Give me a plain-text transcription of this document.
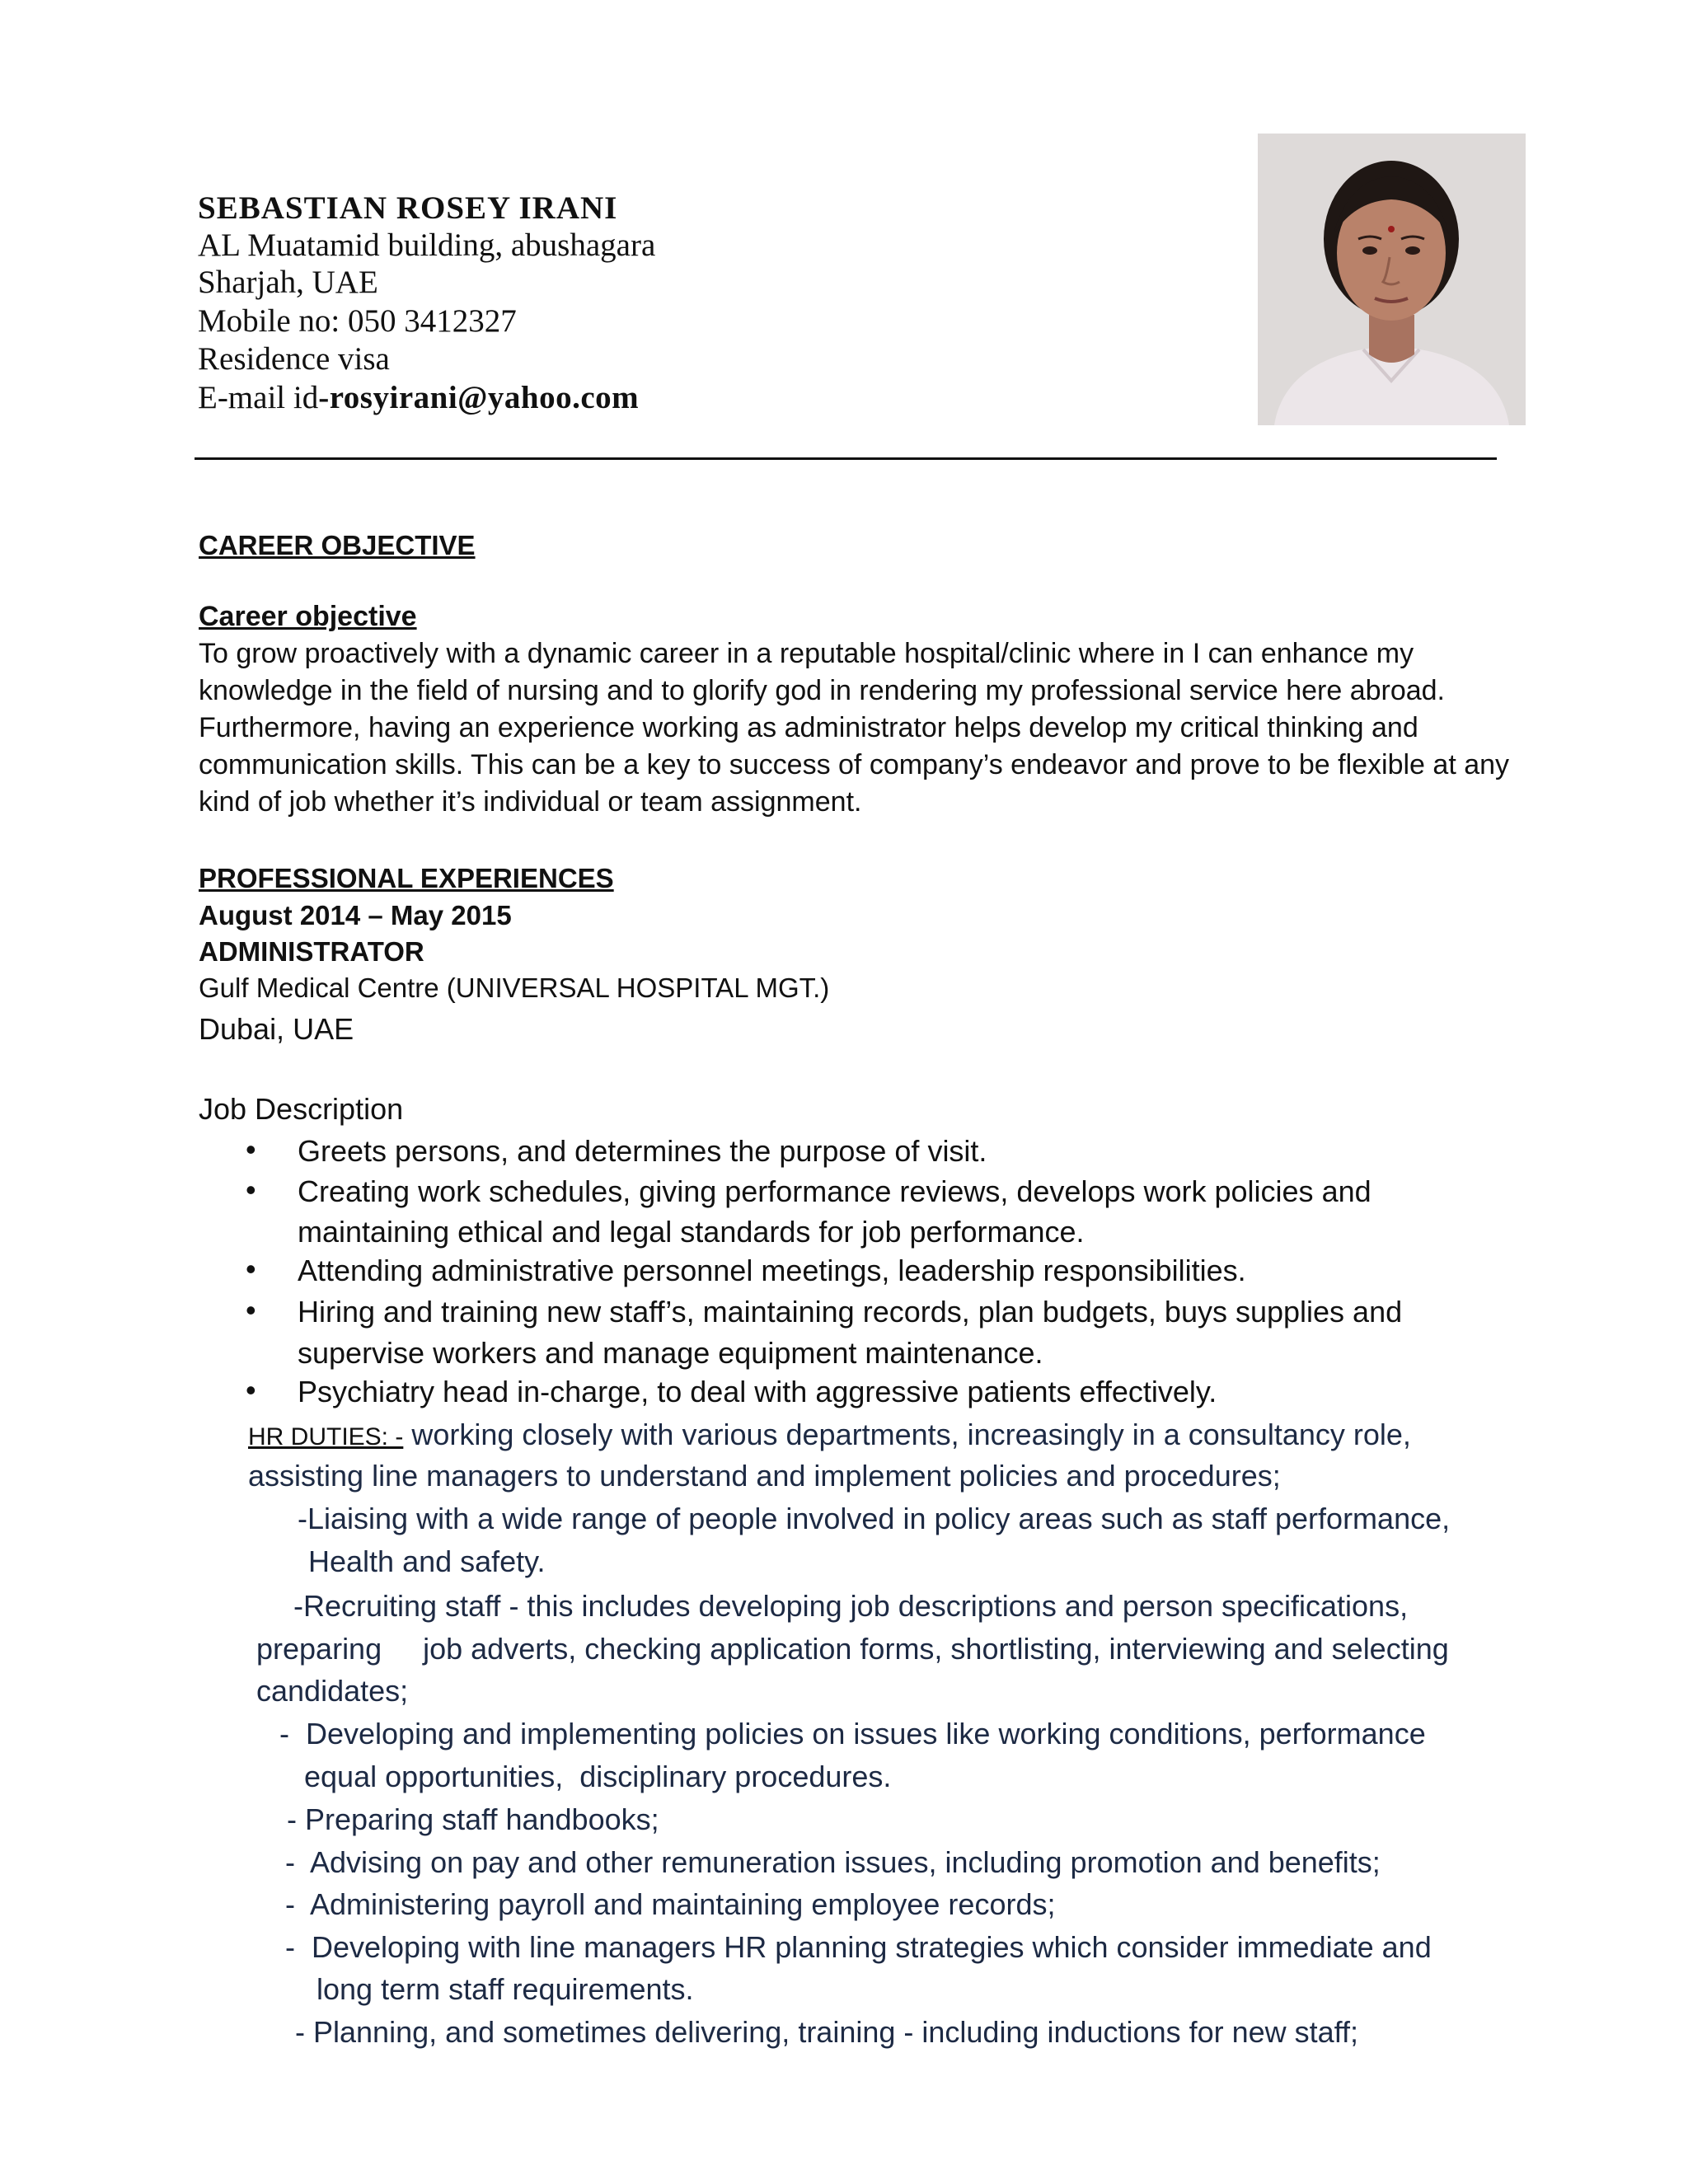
SEBASTIAN ROSEY IRANI
AL Muatamid building, abushagara
Sharjah, UAE
Mobile no: 050 3412327
Residence visa
E-mail id-rosyirani@yahoo.com
CAREER OBJECTIVE
Career objective
To grow proactively with a dynamic career in a reputable hospital/clinic where in I can enhance my
knowledge in the field of nursing and to glorify god in rendering my professional service here abroad.
Furthermore, having an experience working as administrator helps develop my critical thinking and
communication skills. This can be a key to success of company’s endeavor and prove to be flexible at any
kind of job whether it’s individual or team assignment.
PROFESSIONAL EXPERIENCES
August 2014 – May 2015
ADMINISTRATOR
Gulf Medical Centre (UNIVERSAL HOSPITAL MGT.)
Dubai, UAE
Job Description
• Greets persons, and determines the purpose of visit.
• Creating work schedules, giving performance reviews, develops work policies and
maintaining ethical and legal standards for job performance.
• Attending administrative personnel meetings, leadership responsibilities.
• Hiring and training new staff’s, maintaining records, plan budgets, buys supplies and
supervise workers and manage equipment maintenance.
• Psychiatry head in-charge, to deal with aggressive patients effectively.
HR DUTIES: - working closely with various departments, increasingly in a consultancy role,
assisting line managers to understand and implement policies and procedures;
-Liaising with a wide range of people involved in policy areas such as staff performance,
Health and safety.
-Recruiting staff - this includes developing job descriptions and person specifications,
preparing     job adverts, checking application forms, shortlisting, interviewing and selecting
candidates;
-  Developing and implementing policies on issues like working conditions, performance
equal opportunities,  disciplinary procedures.
- Preparing staff handbooks;
-  Advising on pay and other remuneration issues, including promotion and benefits;
-  Administering payroll and maintaining employee records;
-  Developing with line managers HR planning strategies which consider immediate and
long term staff requirements.
- Planning, and sometimes delivering, training - including inductions for new staff;
